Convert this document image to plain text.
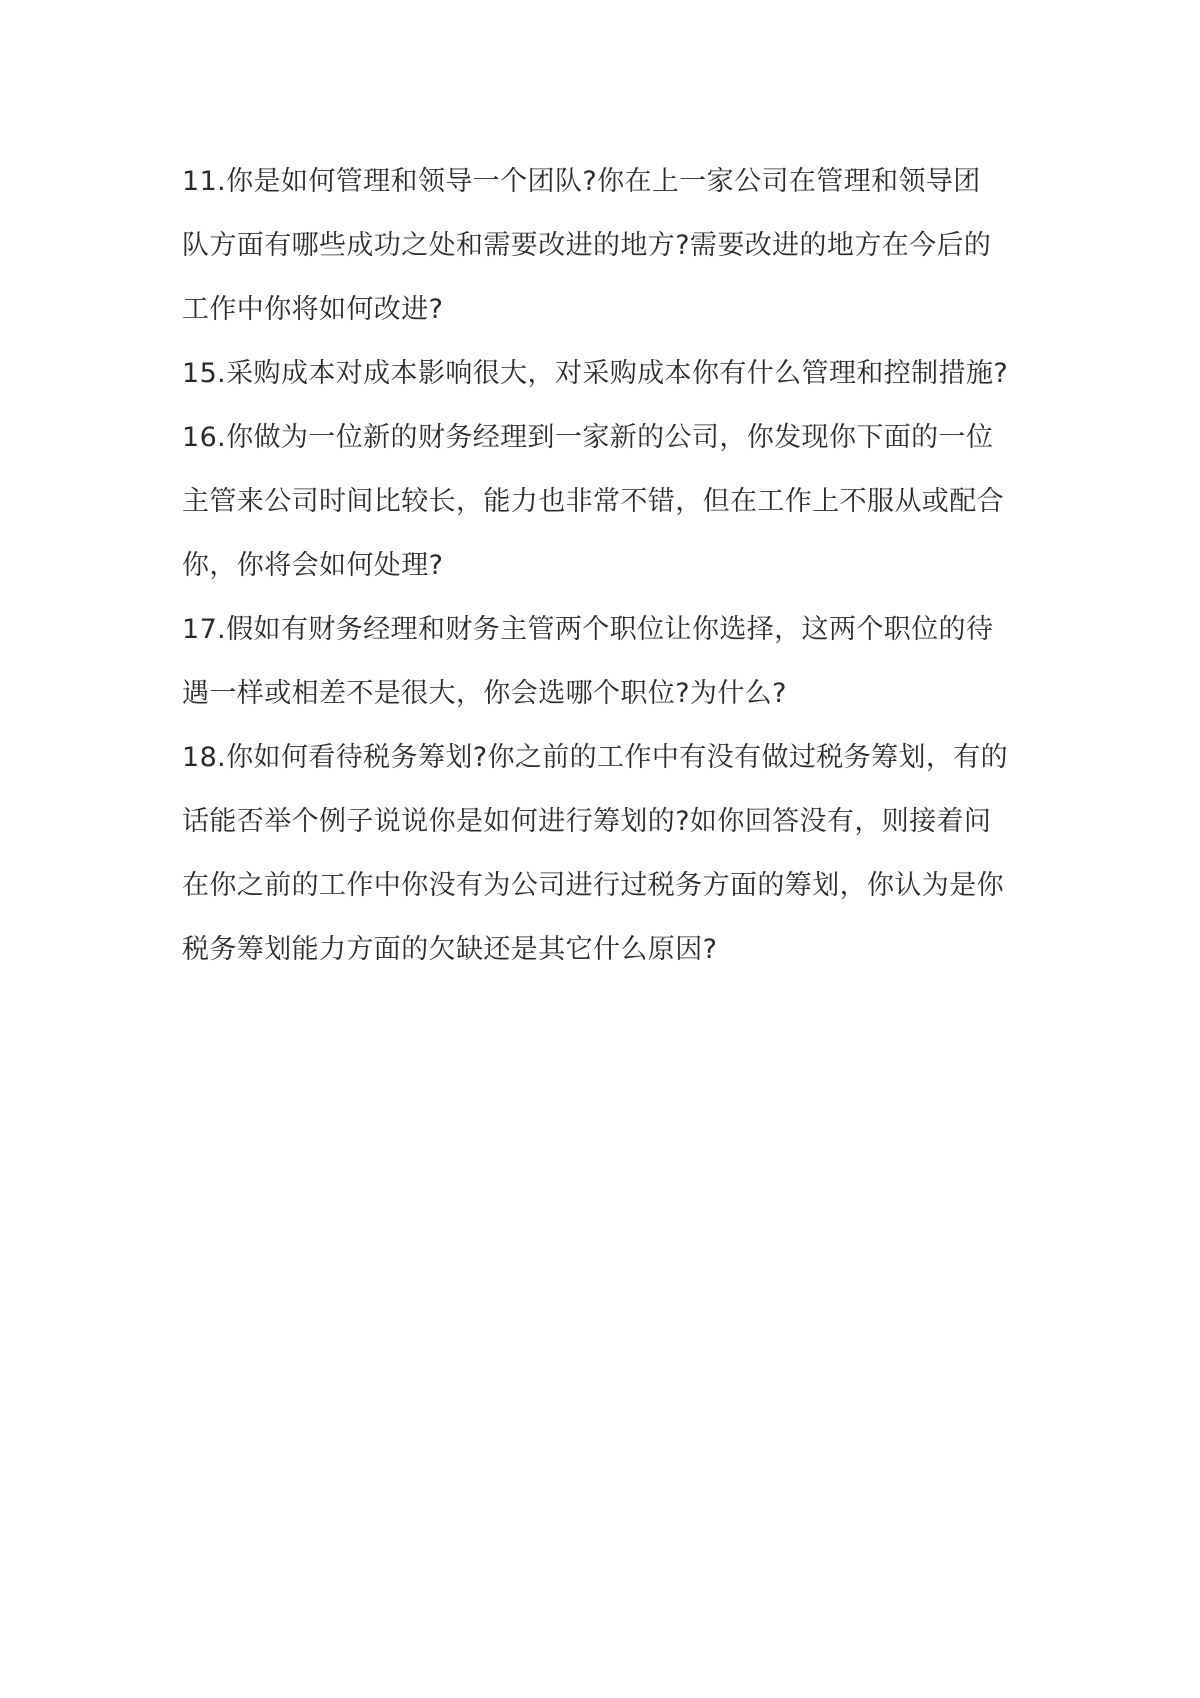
11.你是如何管理和领导一个团队?你在上一家公司在管理和领导团
队方面有哪些成功之处和需要改进的地方?需要改进的地方在今后的
工作中你将如何改进?
15.采购成本对成本影响很大，对采购成本你有什么管理和控制措施?
16.你做为一位新的财务经理到一家新的公司，你发现你下面的一位
主管来公司时间比较长，能力也非常不错，但在工作上不服从或配合
你，你将会如何处理?
17.假如有财务经理和财务主管两个职位让你选择，这两个职位的待
遇一样或相差不是很大，你会选哪个职位?为什么?
18.你如何看待税务筹划?你之前的工作中有没有做过税务筹划，有的
话能否举个例子说说你是如何进行筹划的?如你回答没有，则接着问
在你之前的工作中你没有为公司进行过税务方面的筹划，你认为是你
税务筹划能力方面的欠缺还是其它什么原因?
